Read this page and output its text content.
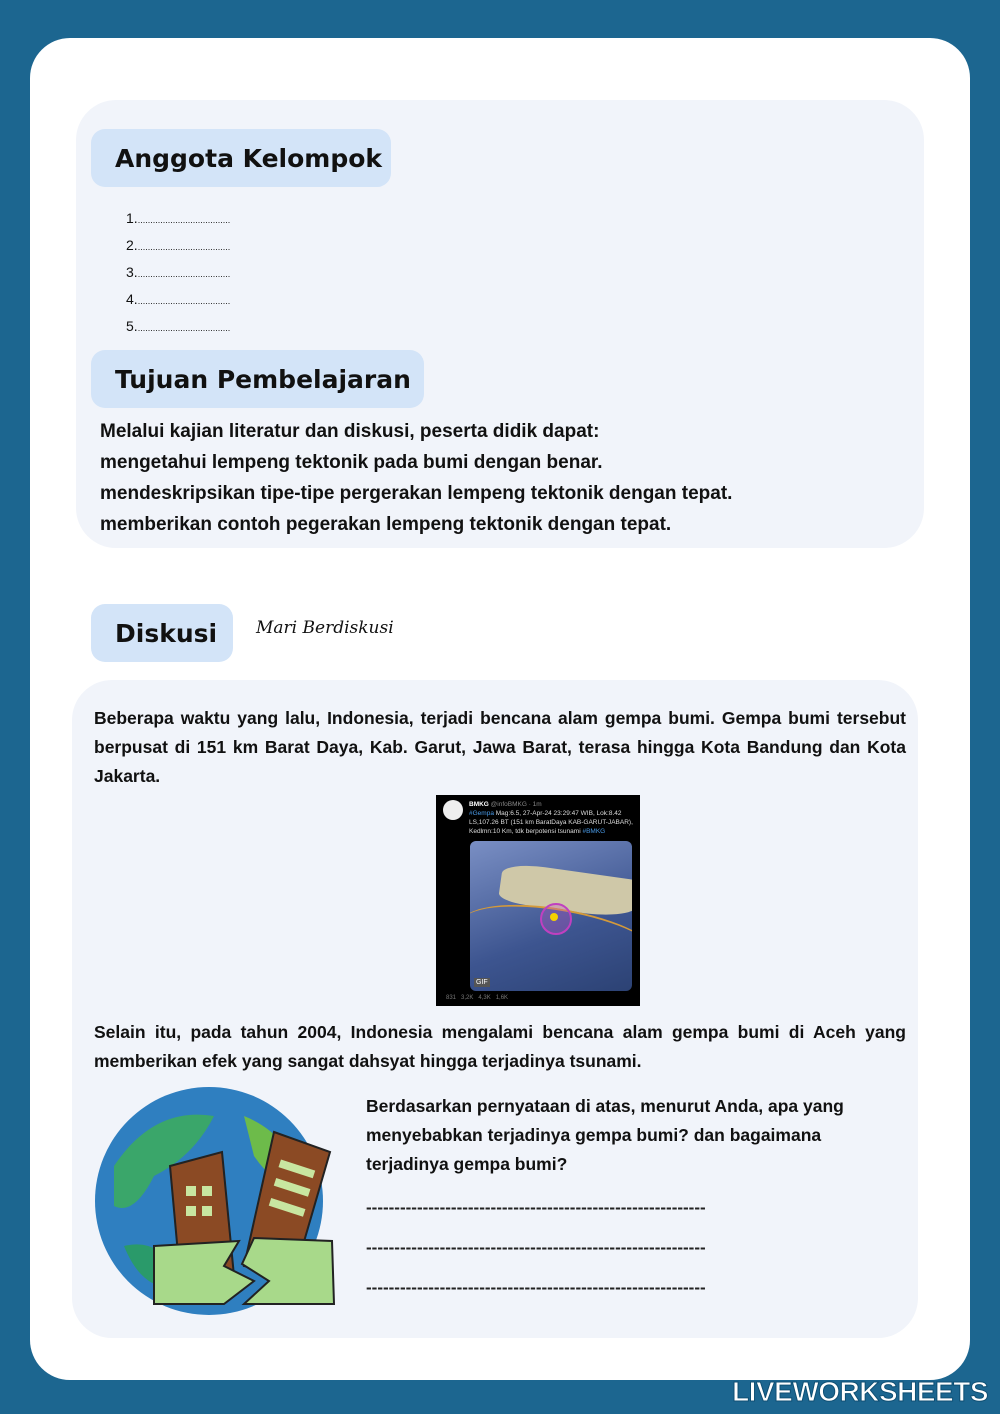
Anggota Kelompok
1......................................
2......................................
3......................................
4......................................
5......................................
Tujuan Pembelajaran
Melalui kajian literatur dan diskusi, peserta didik dapat:
mengetahui lempeng tektonik pada bumi dengan benar.
mendeskripsikan tipe-tipe pergerakan lempeng tektonik dengan tepat.
memberikan contoh pegerakan lempeng tektonik dengan tepat.
Diskusi	Mari Berdiskusi

Beberapa waktu yang lalu, Indonesia, terjadi bencana alam gempa bumi. Gempa bumi tersebut berpusat di 151 km Barat Daya, Kab. Garut, Jawa Barat, terasa hingga Kota Bandung dan Kota Jakarta.

BMKG @infoBMKG · 1m
#Gempa Mag:6.5, 27-Apr-24 23:29:47 WIB, Lok:8.42 LS,107.26 BT (151 km BaratDaya KAB-GARUT-JABAR), Kedlmn:10 Km, tdk berpotensi tsunami #BMKG
GIF
831   3,2K   4,3K   1,6K

Selain itu, pada tahun 2004, Indonesia mengalami bencana alam gempa bumi di Aceh yang memberikan efek yang sangat dahsyat hingga terjadinya tsunami.

Berdasarkan pernyataan di atas, menurut Anda, apa yang menyebabkan terjadinya gempa bumi? dan bagaimana terjadinya gempa bumi?

------------------------------------------------------------
------------------------------------------------------------
------------------------------------------------------------
LIVEWORKSHEETS
